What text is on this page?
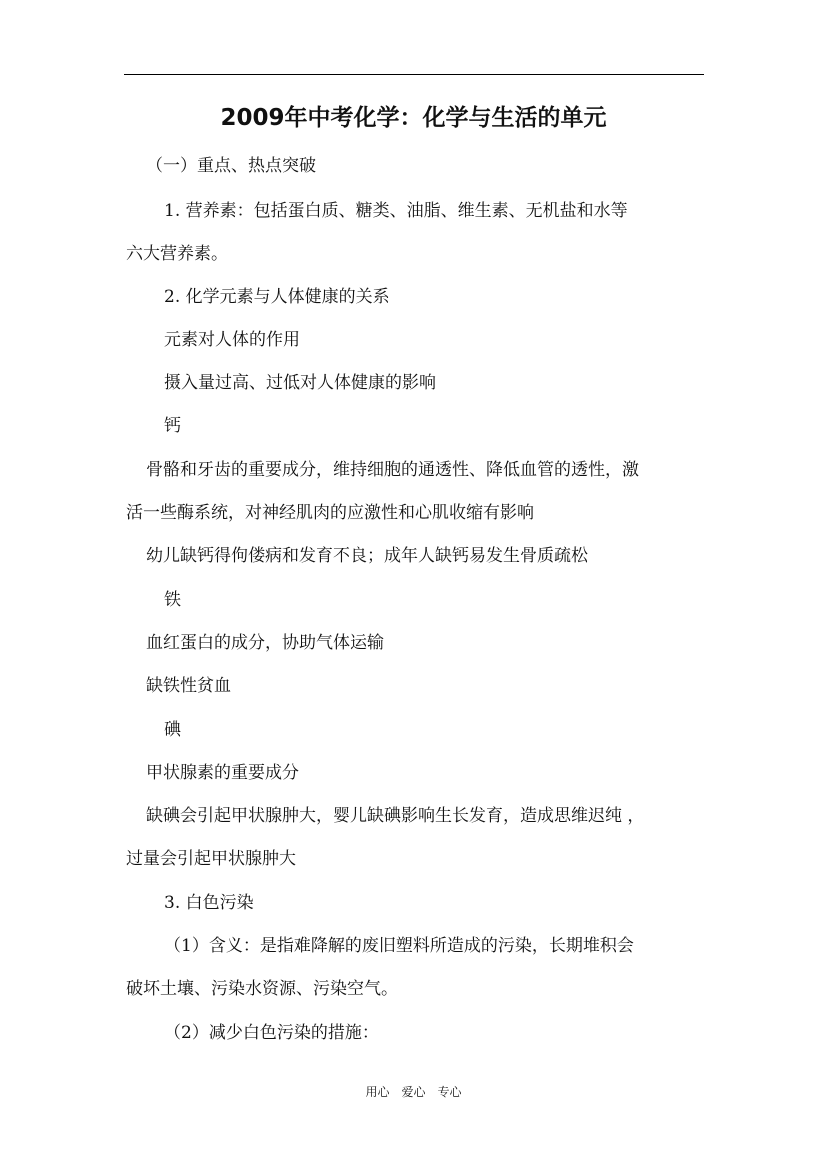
2009年中考化学：化学与生活的单元
（一）重点、热点突破
1. 营养素：包括蛋白质、糖类、油脂、维生素、无机盐和水等
六大营养素。
2. 化学元素与人体健康的关系
元素对人体的作用
摄入量过高、过低对人体健康的影响
钙
骨骼和牙齿的重要成分，维持细胞的通透性、降低血管的透性，激
活一些酶系统，对神经肌肉的应激性和心肌收缩有影响
幼儿缺钙得佝偻病和发育不良；成年人缺钙易发生骨质疏松
铁
血红蛋白的成分，协助气体运输
缺铁性贫血
碘
甲状腺素的重要成分
缺碘会引起甲状腺肿大，婴儿缺碘影响生长发育，造成思维迟纯 ，
过量会引起甲状腺肿大
3. 白色污染
（1）含义：是指难降解的废旧塑料所造成的污染，长期堆积会
破坏土壤、污染水资源、污染空气。
（2）减少白色污染的措施：
用心　爱心　专心
